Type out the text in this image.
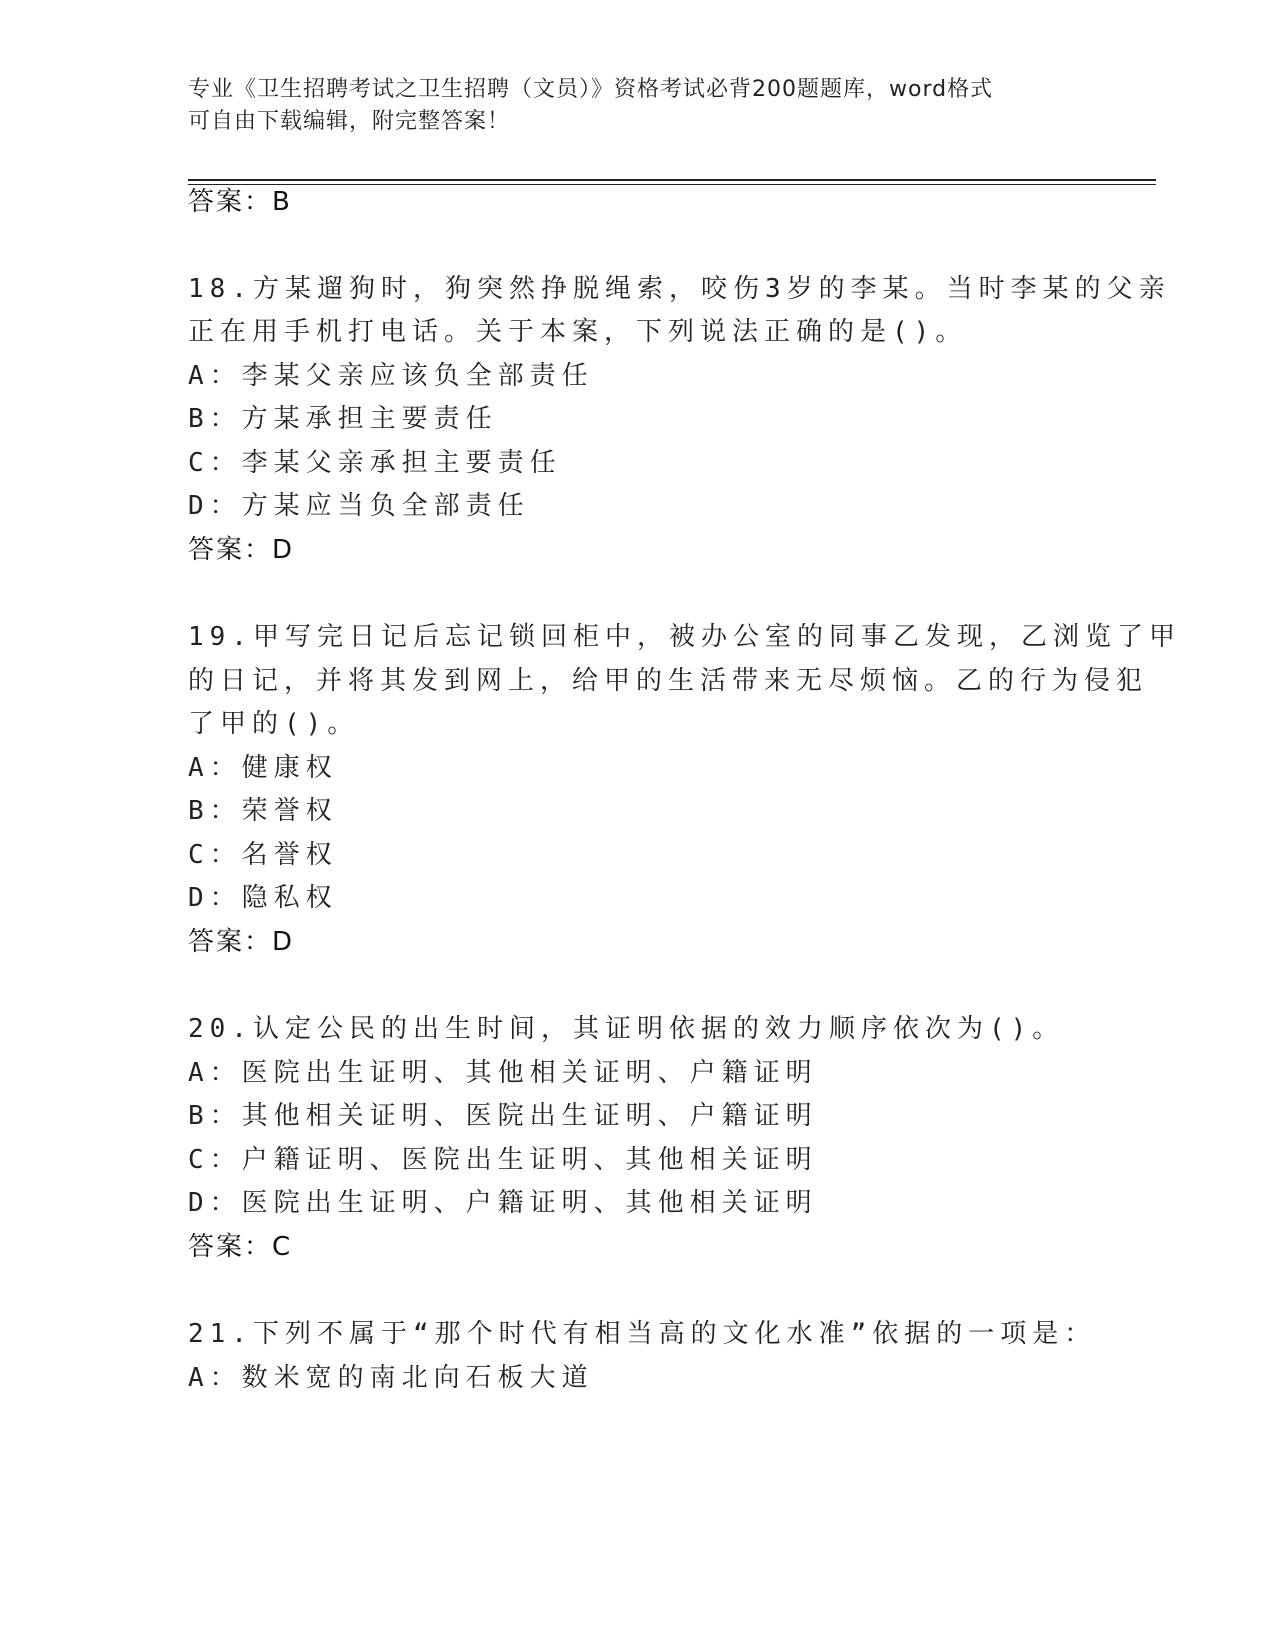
专业《卫生招聘考试之卫生招聘（文员）》资格考试必背200题题库，word格式
可自由下载编辑，附完整答案！
答案：B
18.方某遛狗时，狗突然挣脱绳索，咬伤3岁的李某。当时李某的父亲
正在用手机打电话。关于本案，下列说法正确的是()。
A：李某父亲应该负全部责任
B：方某承担主要责任
C：李某父亲承担主要责任
D：方某应当负全部责任
答案：D
19.甲写完日记后忘记锁回柜中，被办公室的同事乙发现，乙浏览了甲
的日记，并将其发到网上，给甲的生活带来无尽烦恼。乙的行为侵犯
了甲的()。
A：健康权
B：荣誉权
C：名誉权
D：隐私权
答案：D
20.认定公民的出生时间，其证明依据的效力顺序依次为()。
A：医院出生证明、其他相关证明、户籍证明
B：其他相关证明、医院出生证明、户籍证明
C：户籍证明、医院出生证明、其他相关证明
D：医院出生证明、户籍证明、其他相关证明
答案：C
21.下列不属于“那个时代有相当高的文化水准”依据的一项是：
A：数米宽的南北向石板大道
